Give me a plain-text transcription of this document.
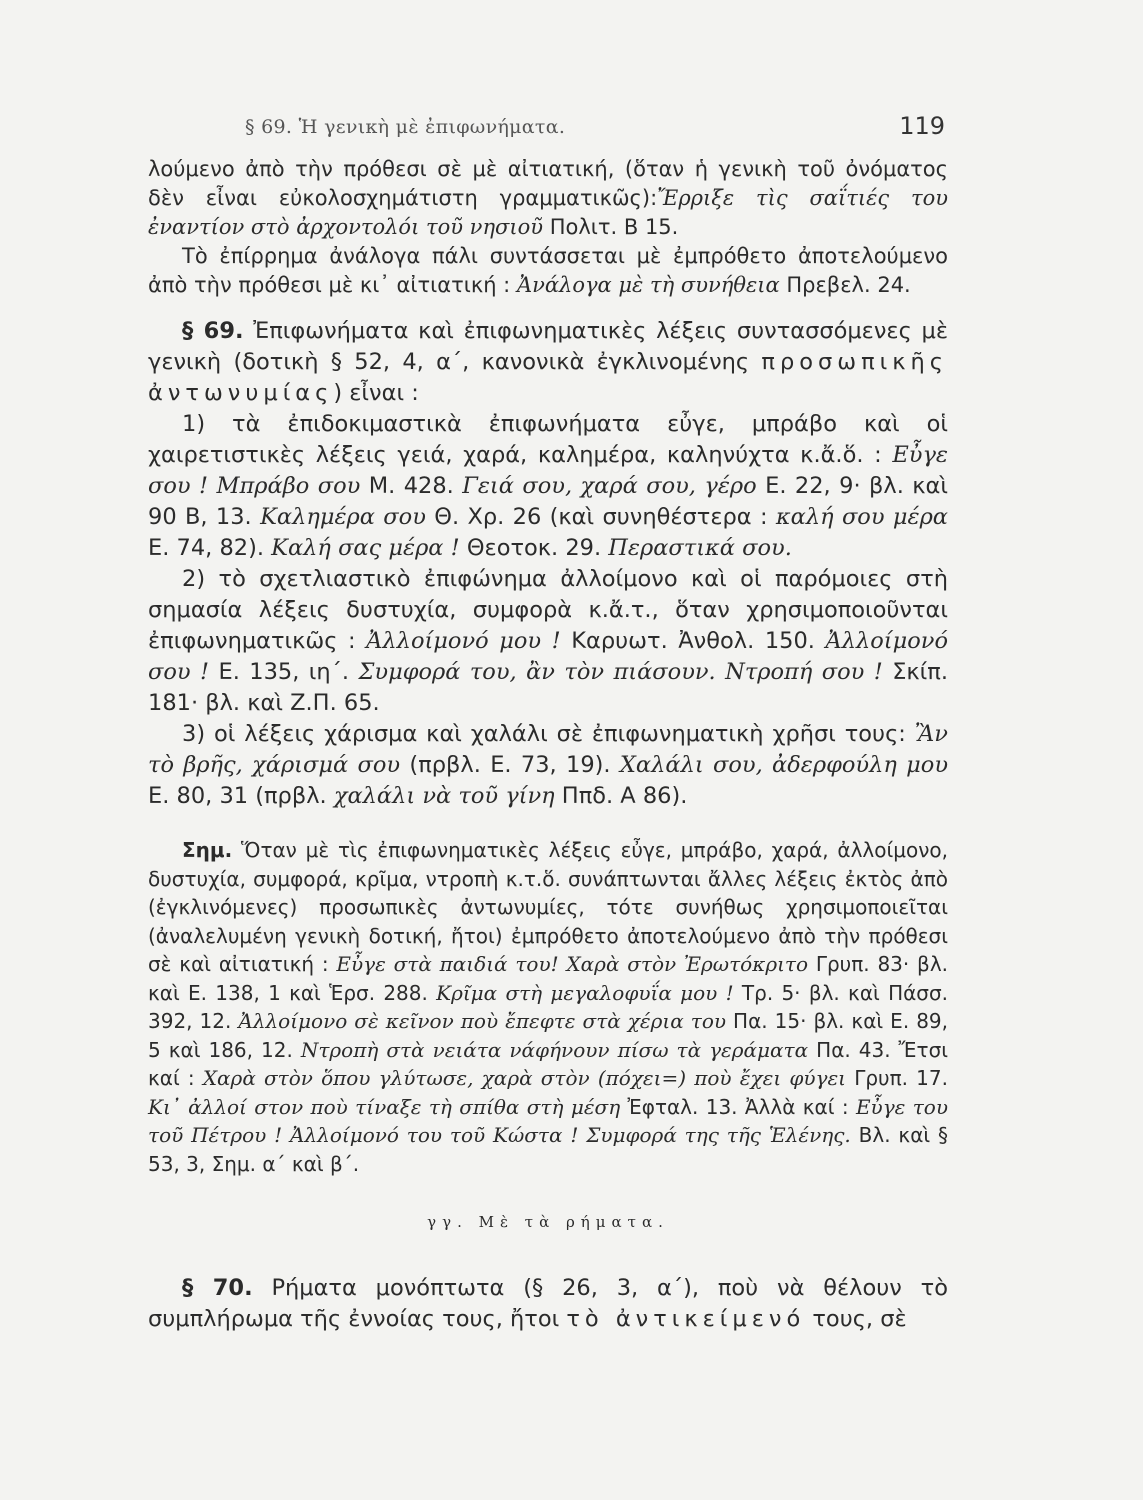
§ 69. Ἡ γενικὴ μὲ ἐπιφωνήματα.	119

λούμενο ἀπὸ τὴν πρόθεσι σὲ μὲ αἰτιατική, (ὅταν ἡ γενικὴ τοῦ ὀνόματος δὲν εἶναι εὐκολοσχημάτιστη γραμματικῶς):Ἔρριξε τὶς σαΐτιές του ἐναντίον στὸ ἀρχοντολόι τοῦ νησιοῦ Πολιτ. Β 15.

Τὸ ἐπίρρημα ἀνάλογα πάλι συντάσσεται μὲ ἐμπρόθετο ἀποτελούμενο ἀπὸ τὴν πρόθεσι μὲ κι᾽ αἰτιατική : Ἀνάλογα μὲ τὴ συνήθεια Πρεβελ. 24.

§ 69. Ἐπιφωνήματα καὶ ἐπιφωνηματικὲς λέξεις συντασσόμενες μὲ γενικὴ (δοτικὴ § 52, 4, α΄, κανονικὰ ἐγκλινομένης προσωπικῆς ἀντωνυμίας) εἶναι :

1) τὰ ἐπιδοκιμαστικὰ ἐπιφωνήματα εὖγε, μπράβο καὶ οἱ χαιρετιστικὲς λέξεις γειά, χαρά, καλημέρα, καληνύχτα κ.ἄ.ὅ. : Εὖγε σου ! Μπράβο σου Μ. 428. Γειά σου, χαρά σου, γέρο Ε. 22, 9· βλ. καὶ 90 Β, 13. Καλημέρα σου Θ. Χρ. 26 (καὶ συνηθέστερα : καλή σου μέρα Ε. 74, 82). Καλή σας μέρα ! Θεοτοκ. 29. Περαστικά σου.

2) τὸ σχετλιαστικὸ ἐπιφώνημα ἀλλοίμονο καὶ οἱ παρόμοιες στὴ σημασία λέξεις δυστυχία, συμφορὰ κ.ἄ.τ., ὅταν χρησιμοποιοῦνται ἐπιφωνηματικῶς : Ἀλλοίμονό μου ! Καρυωτ. Ἀνθολ. 150. Ἀλλοίμονό σου ! Ε. 135, ιη΄. Συμφορά του, ἂν τὸν πιάσουν. Ντροπή σου ! Σκίπ. 181· βλ. καὶ Ζ.Π. 65.

3) οἱ λέξεις χάρισμα καὶ χαλάλι σὲ ἐπιφωνηματικὴ χρῆσι τους: Ἂν τὸ βρῆς, χάρισμά σου (πρβλ. Ε. 73, 19). Χαλάλι σου, ἀδερφούλη μου Ε. 80, 31 (πρβλ. χαλάλι νὰ τοῦ γίνη Ππδ. Α 86).

Σημ. Ὅταν μὲ τὶς ἐπιφωνηματικὲς λέξεις εὖγε, μπράβο, χαρά, ἀλλοίμονο, δυστυχία, συμφορά, κρῖμα, ντροπὴ κ.τ.ὅ. συνάπτωνται ἄλλες λέξεις ἐκτὸς ἀπὸ (ἐγκλινόμενες) προσωπικὲς ἀντωνυμίες, τότε συνήθως χρησιμοποιεῖται (ἀναλελυμένη γενικὴ δοτική, ἤτοι) ἐμπρόθετο ἀποτελούμενο ἀπὸ τὴν πρόθεσι σὲ καὶ αἰτιατική : Εὖγε στὰ παιδιά του! Χαρὰ στὸν Ἐρωτόκριτο Γρυπ. 83· βλ. καὶ Ε. 138, 1 καὶ Ἑρσ. 288. Κρῖμα στὴ μεγαλοφυΐα μου ! Τρ. 5· βλ. καὶ Πάσσ. 392, 12. Ἀλλοίμονο σὲ κεῖνον ποὺ ἔπεφτε στὰ χέρια του Πα. 15· βλ. καὶ Ε. 89, 5 καὶ 186, 12. Ντροπὴ στὰ νειάτα νάφήνουν πίσω τὰ γεράματα Πα. 43. Ἔτσι καί : Χαρὰ στὸν ὅπου γλύτωσε, χαρὰ στὸν (πόχει=) ποὺ ἔχει φύγει Γρυπ. 17. Κι᾽ ἀλλοί στον ποὺ τίναξε τὴ σπίθα στὴ μέση Ἐφταλ. 13. Ἀλλὰ καί : Εὖγε του τοῦ Πέτρου ! Ἀλλοίμονό του τοῦ Κώστα ! Συμφορά της τῆς Ἑλένης. Βλ. καὶ § 53, 3, Σημ. α΄ καὶ β΄.

γγ. Μὲ τὰ ρήματα.

§ 70. Ρήματα μονόπτωτα (§ 26, 3, α΄), ποὺ νὰ θέλουν τὸ συμπλήρωμα τῆς ἐννοίας τους, ἤτοι τὸ ἀντικείμενό τους, σὲ
